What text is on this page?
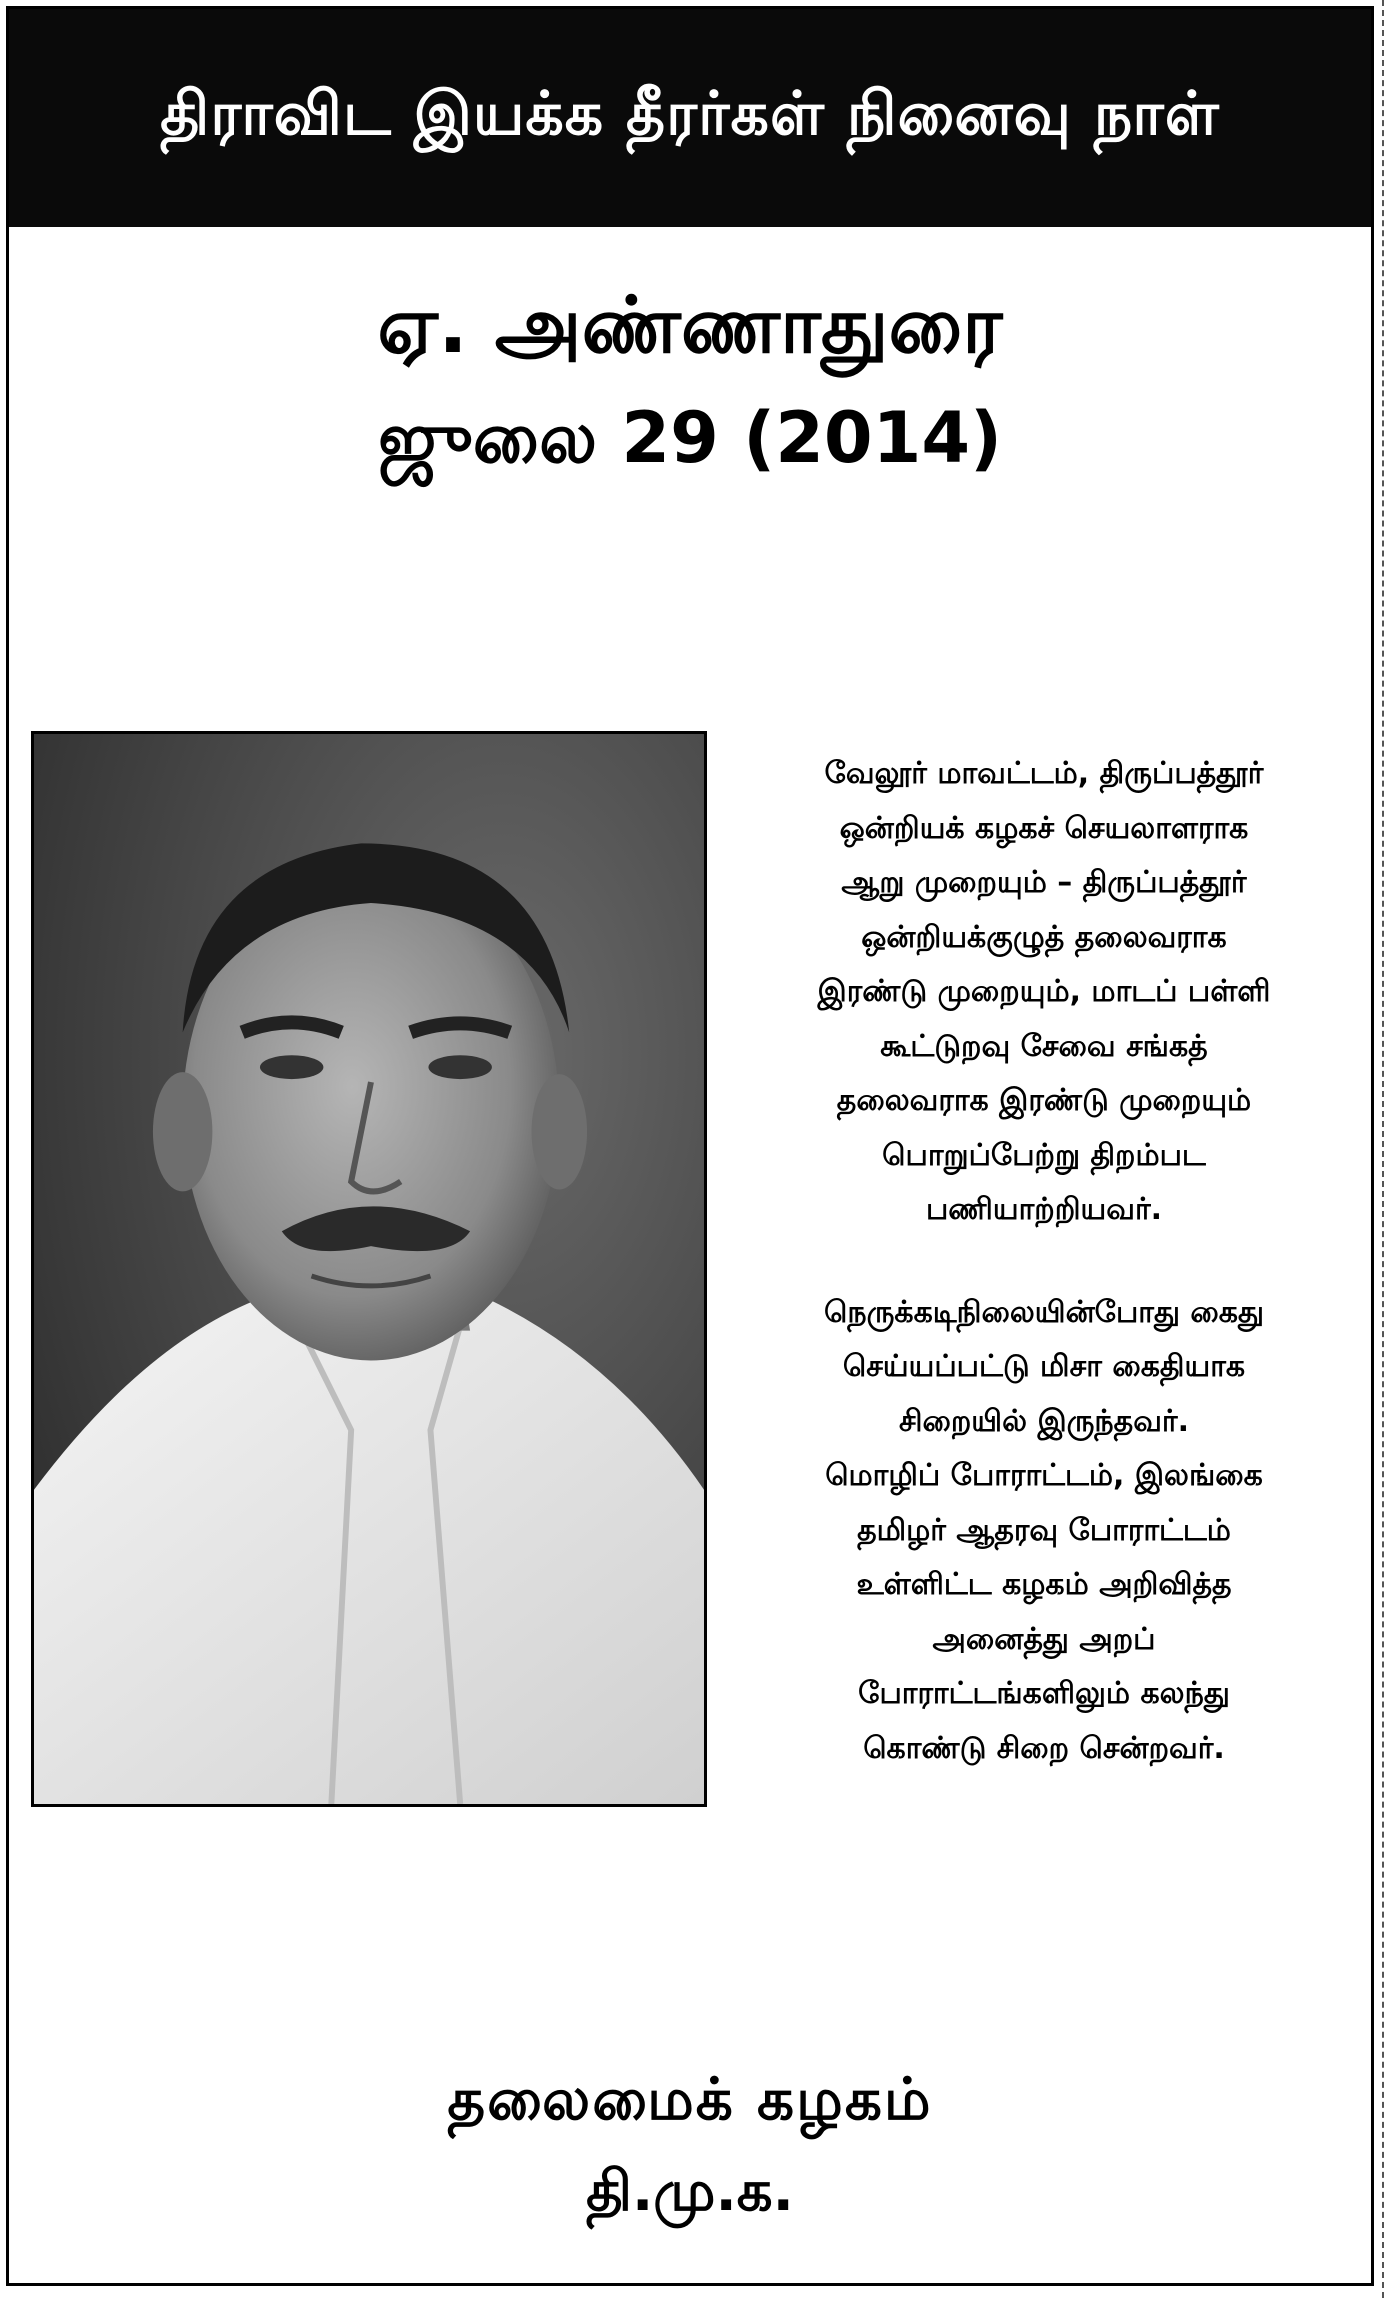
திராவிட இயக்க தீரர்கள் நினைவு நாள்
ஏ. அண்ணாதுரை
ஜுலை 29 (2014)

வேலூர் மாவட்டம், திருப்பத்தூர்
ஒன்றியக் கழகச் செயலாளராக
ஆறு முறையும் – திருப்பத்தூர்
ஒன்றியக்குழுத் தலைவராக
இரண்டு முறையும், மாடப் பள்ளி
கூட்டுறவு சேவை சங்கத்
தலைவராக இரண்டு முறையும்
பொறுப்பேற்று திறம்பட
பணியாற்றியவர்.

நெருக்கடிநிலையின்போது கைது
செய்யப்பட்டு மிசா கைதியாக
சிறையில் இருந்தவர்.
மொழிப் போராட்டம், இலங்கை
தமிழர் ஆதரவு போராட்டம்
உள்ளிட்ட கழகம் அறிவித்த
அனைத்து அறப்
போராட்டங்களிலும் கலந்து
கொண்டு சிறை சென்றவர்.

தலைமைக் கழகம்
தி.மு.க.
